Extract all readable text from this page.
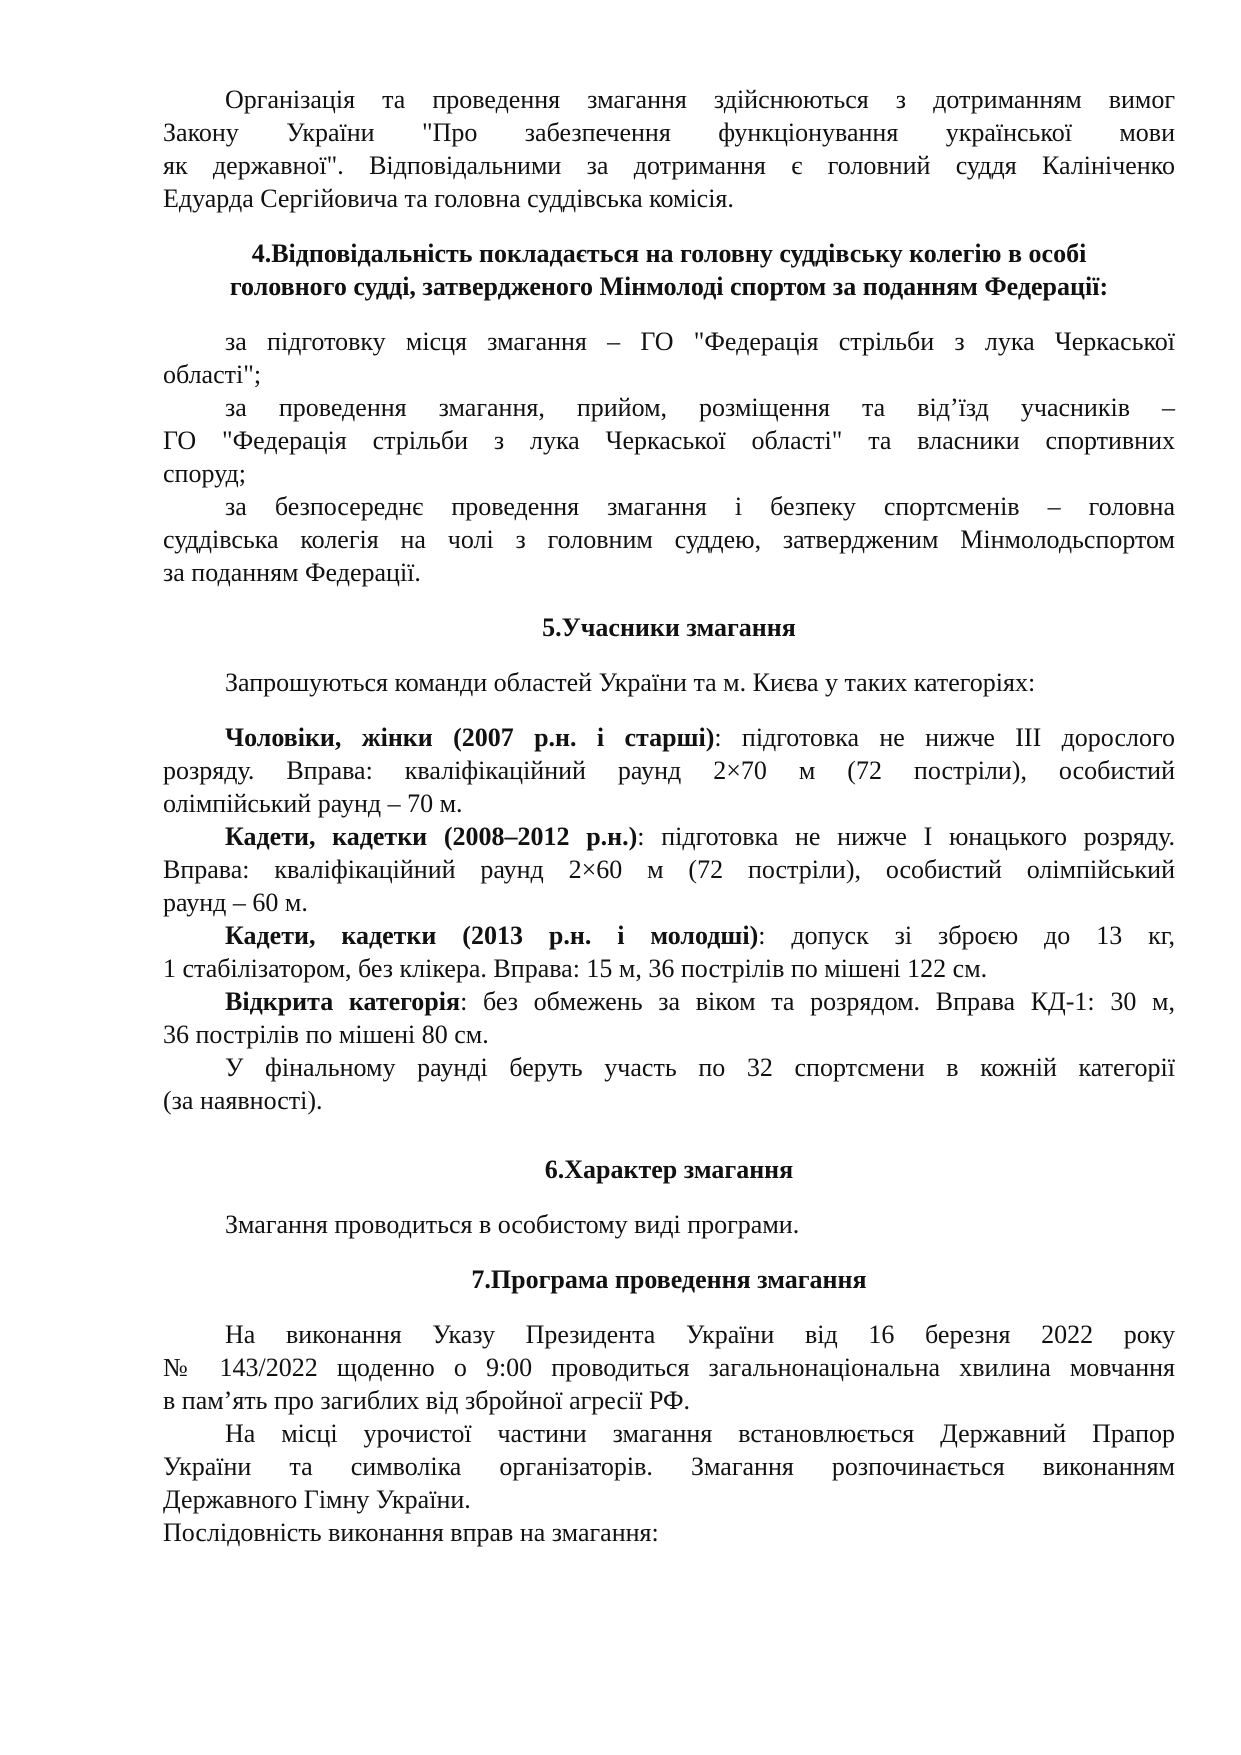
Організація та проведення змагання здійснюються з дотриманням вимог
Закону України "Про забезпечення функціонування української мови
як державної". Відповідальними за дотримання є головний суддя Калініченко
Едуарда Сергійовича та головна суддівська комісія.
4.Відповідальність покладається на головну суддівську колегію в особі
головного судді, затвердженого Мінмолоді спортом за поданням Федерації:
за підготовку місця змагання – ГО "Федерація стрільби з лука Черкаської
області";
за проведення змагання, прийом, розміщення та від’їзд учасників –
ГО "Федерація стрільби з лука Черкаської області" та власники спортивних
споруд;
за безпосереднє проведення змагання і безпеку спортсменів – головна
суддівська колегія на чолі з головним суддею, затвердженим Мінмолодьспортом
за поданням Федерації.
5.Учасники змагання
Запрошуються команди областей України та м. Києва у таких категоріях:
Чоловіки, жінки (2007 р.н. і старші): підготовка не нижче ІІІ дорослого
розряду. Вправа: кваліфікаційний раунд 2×70 м (72 постріли), особистий
олімпійський раунд – 70 м.
Кадети, кадетки (2008–2012 р.н.): підготовка не нижче І юнацького розряду.
Вправа: кваліфікаційний раунд 2×60 м (72 постріли), особистий олімпійський
раунд – 60 м.
Кадети, кадетки (2013 р.н. і молодші): допуск зі зброєю до 13 кг,
1 стабілізатором, без клікера. Вправа: 15 м, 36 пострілів по мішені 122 см.
Відкрита категорія: без обмежень за віком та розрядом. Вправа КД-1: 30 м,
36 пострілів по мішені 80 см.
У фінальному раунді беруть участь по 32 спортсмени в кожній категорії
(за наявності).
6.Характер змагання
Змагання проводиться в особистому виді програми.
7.Програма проведення змагання
На виконання Указу Президента України від 16 березня 2022 року
№ 143/2022 щоденно о 9:00 проводиться загальнонаціональна хвилина мовчання
в пам’ять про загиблих від збройної агресії РФ.
На місці урочистої частини змагання встановлюється Державний Прапор
України та символіка організаторів. Змагання розпочинається виконанням
Державного Гімну України.
Послідовність виконання вправ на змагання:
